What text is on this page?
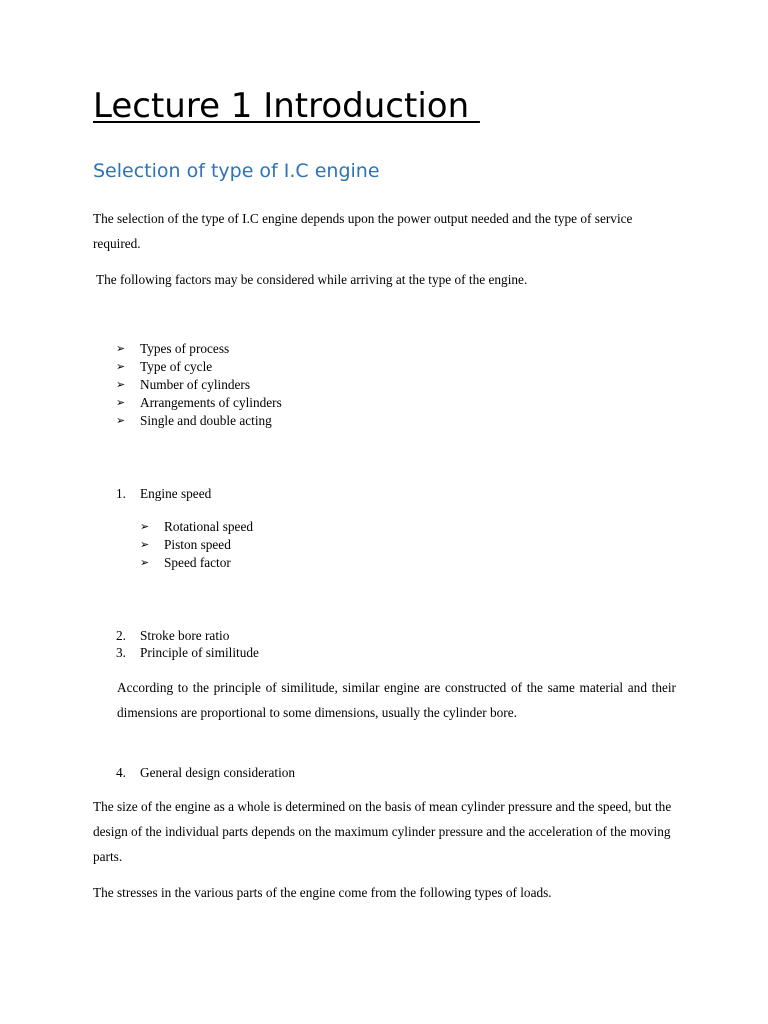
Lecture 1 Introduction
Selection of type of I.C engine

The selection of the type of I.C engine depends upon the power output needed and the type of service required.

The following factors may be considered while arriving at the type of the engine.

➢ Types of process
➢ Type of cycle
➢ Number of cylinders
➢ Arrangements of cylinders
➢ Single and double acting
1. Engine speed
➢ Rotational speed
➢ Piston speed
➢ Speed factor
2. Stroke bore ratio
3. Principle of similitude

According to the principle of similitude, similar engine are constructed of the same material and their dimensions are proportional to some dimensions, usually the cylinder bore.

4. General design consideration

The size of the engine as a whole is determined on the basis of mean cylinder pressure and the speed, but the design of the individual parts depends on the maximum cylinder pressure and the acceleration of the moving parts.

The stresses in the various parts of the engine come from the following types of loads.
